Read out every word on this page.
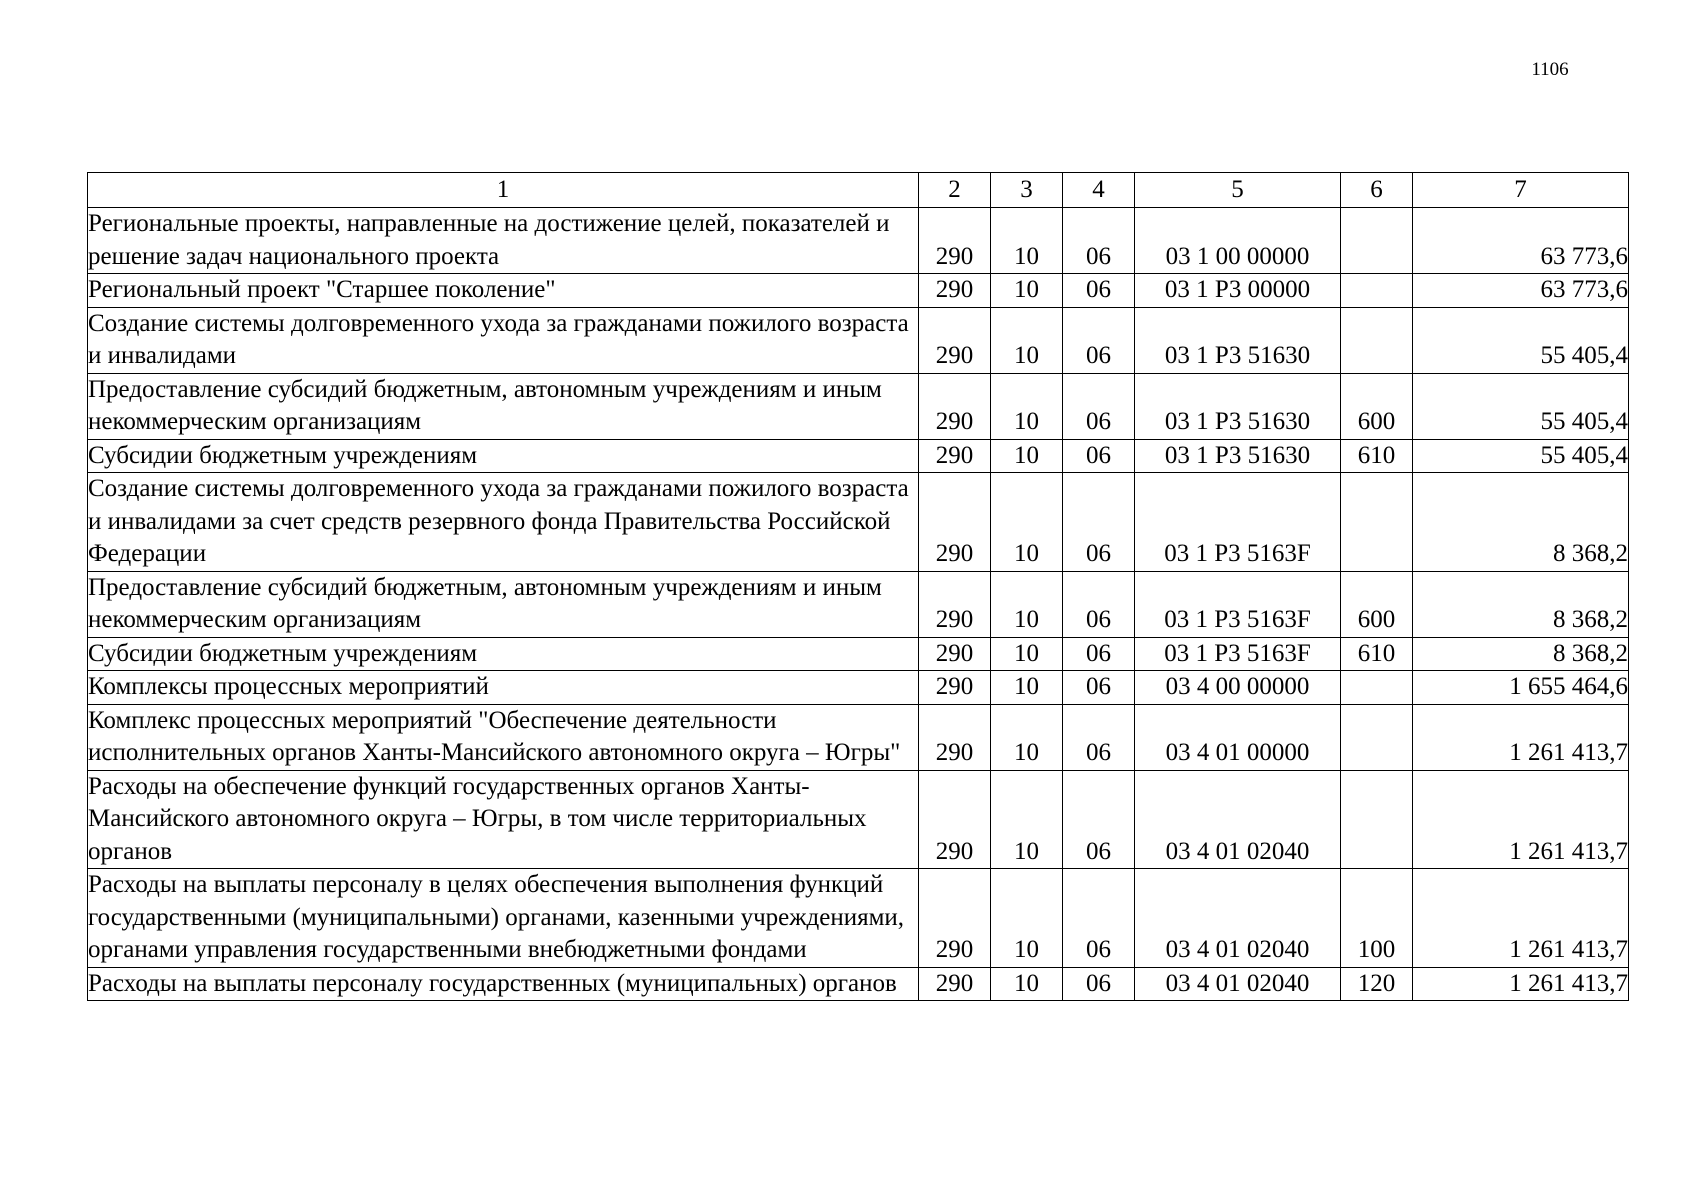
1106
1	2	3	4	5	6	7
Региональные проекты, направленные на достижение целей, показателей и решение задач национального проекта	290	10	06	03 1 00 00000		63 773,6
Региональный проект "Старшее поколение"	290	10	06	03 1 Р3 00000		63 773,6
Создание системы долговременного ухода за гражданами пожилого возраста и инвалидами	290	10	06	03 1 Р3 51630		55 405,4
Предоставление субсидий бюджетным, автономным учреждениям и иным некоммерческим организациям	290	10	06	03 1 Р3 51630	600	55 405,4
Субсидии бюджетным учреждениям	290	10	06	03 1 Р3 51630	610	55 405,4
Создание системы долговременного ухода за гражданами пожилого возраста и инвалидами за счет средств резервного фонда Правительства Российской Федерации	290	10	06	03 1 Р3 5163F		8 368,2
Предоставление субсидий бюджетным, автономным учреждениям и иным некоммерческим организациям	290	10	06	03 1 Р3 5163F	600	8 368,2
Субсидии бюджетным учреждениям	290	10	06	03 1 Р3 5163F	610	8 368,2
Комплексы процессных мероприятий	290	10	06	03 4 00 00000		1 655 464,6
Комплекс процессных мероприятий "Обеспечение деятельности исполнительных органов Ханты-Мансийского автономного округа – Югры"	290	10	06	03 4 01 00000		1 261 413,7
Расходы на обеспечение функций государственных органов Ханты-Мансийского автономного округа – Югры, в том числе территориальных органов	290	10	06	03 4 01 02040		1 261 413,7
Расходы на выплаты персоналу в целях обеспечения выполнения функций государственными (муниципальными) органами, казенными учреждениями, органами управления государственными внебюджетными фондами	290	10	06	03 4 01 02040	100	1 261 413,7
Расходы на выплаты персоналу государственных (муниципальных) органов	290	10	06	03 4 01 02040	120	1 261 413,7
